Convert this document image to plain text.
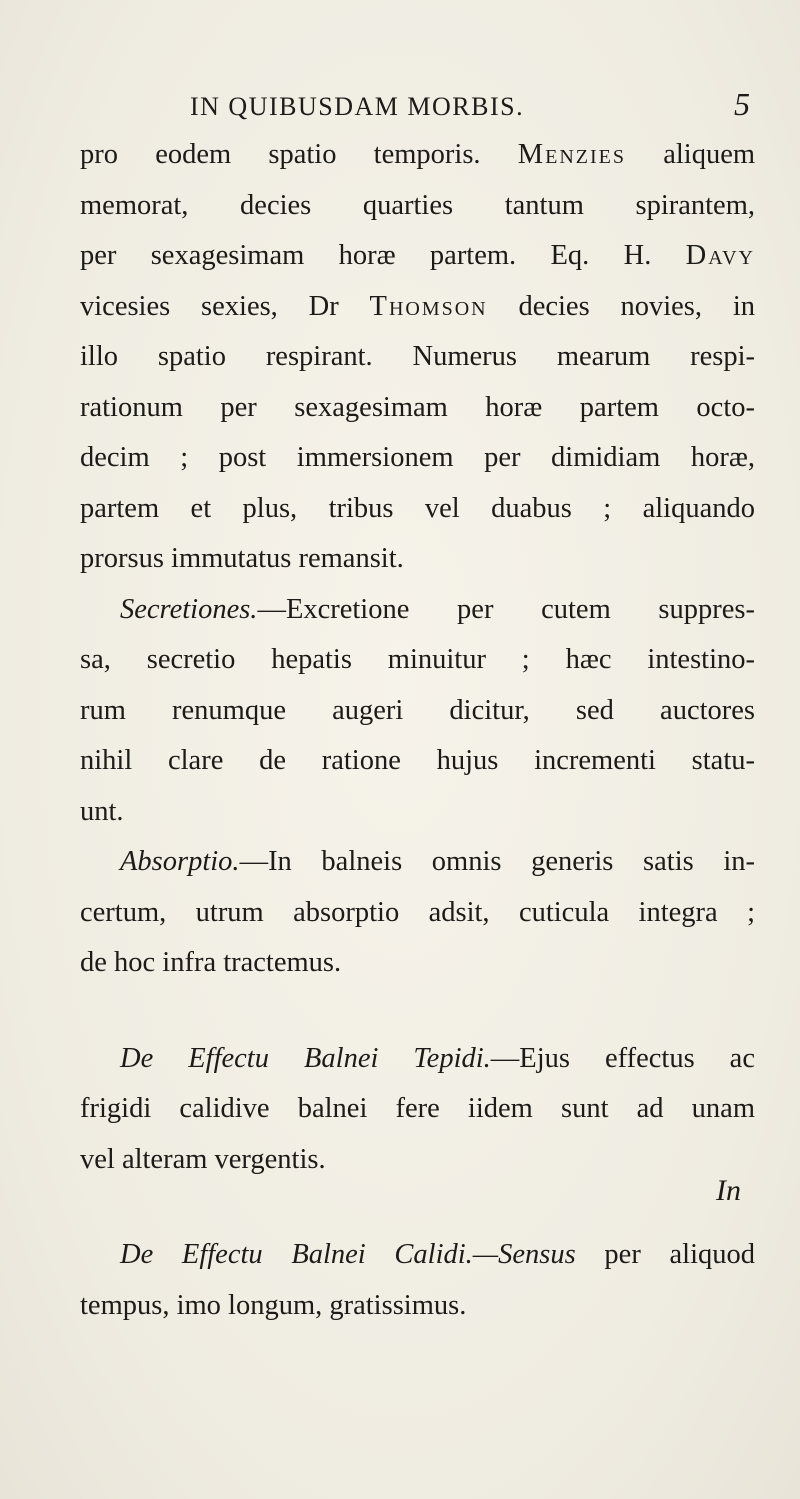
IN QUIBUSDAM MORBIS.	5
pro eodem spatio temporis. Menzies aliquem
memorat, decies quarties tantum spirantem,
per sexagesimam horæ partem. Eq. H. Davy
vicesies sexies, Dr Thomson decies novies, in
illo spatio respirant. Numerus mearum respi-
rationum per sexagesimam horæ partem octo-
decim ; post immersionem per dimidiam horæ,
partem et plus, tribus vel duabus ; aliquando
prorsus immutatus remansit.
Secretiones.—Excretione per cutem suppres-
sa, secretio hepatis minuitur ; hæc intestino-
rum renumque augeri dicitur, sed auctores
nihil clare de ratione hujus incrementi statu-
unt.
Absorptio.—In balneis omnis generis satis in-
certum, utrum absorptio adsit, cuticula integra ;
de hoc infra tractemus.
De Effectu Balnei Tepidi.—Ejus effectus ac
frigidi calidive balnei fere iidem sunt ad unam
vel alteram vergentis.
De Effectu Balnei Calidi.—Sensus per aliquod
tempus, imo longum, gratissimus.
In
